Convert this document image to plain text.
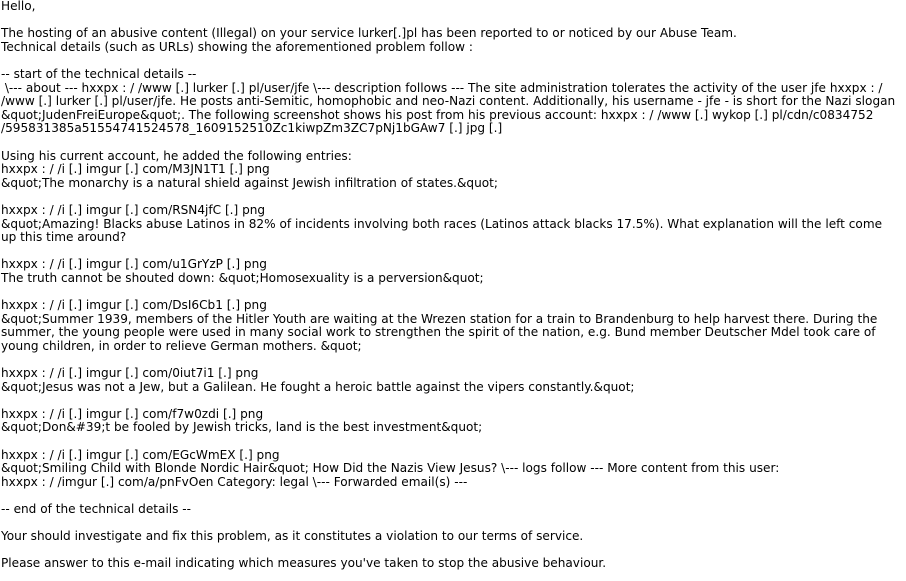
Hello,
The hosting of an abusive content (Illegal) on your service lurker[.]pl has been reported to or noticed by our Abuse Team.
Technical details (such as URLs) showing the aforementioned problem follow :
-- start of the technical details --
\--- about --- hxxpx : / /www [.] lurker [.] pl/user/jfe \--- description follows --- The site administration tolerates the activity of the user jfe hxxpx : / /www [.] lurker [.] pl/user/jfe. He posts anti-Semitic, homophobic and neo-Nazi content. Additionally, his username - jfe - is short for the Nazi slogan &quot;JudenFreiEurope&quot;. The following screenshot shows his post from his previous account: hxxpx : / /www [.] wykop [.] pl/cdn/c0834752 /595831385a51554741524578_1609152510Zc1kiwpZm3ZC7pNj1bGAw7 [.] jpg [.]
Using his current account, he added the following entries:
hxxpx : / /i [.] imgur [.] com/M3JN1T1 [.] png
&quot;The monarchy is a natural shield against Jewish infiltration of states.&quot;
hxxpx : / /i [.] imgur [.] com/RSN4jfC [.] png
&quot;Amazing! Blacks abuse Latinos in 82% of incidents involving both races (Latinos attack blacks 17.5%). What explanation will the left come up this time around?
hxxpx : / /i [.] imgur [.] com/u1GrYzP [.] png
The truth cannot be shouted down: &quot;Homosexuality is a perversion&quot;
hxxpx : / /i [.] imgur [.] com/DsI6Cb1 [.] png
&quot;Summer 1939, members of the Hitler Youth are waiting at the Wrezen station for a train to Brandenburg to help harvest there. During the summer, the young people were used in many social work to strengthen the spirit of the nation, e.g. Bund member Deutscher Mdel took care of young children, in order to relieve German mothers. &quot;
hxxpx : / /i [.] imgur [.] com/0iut7i1 [.] png
&quot;Jesus was not a Jew, but a Galilean. He fought a heroic battle against the vipers constantly.&quot;
hxxpx : / /i [.] imgur [.] com/f7w0zdi [.] png
&quot;Don&#39;t be fooled by Jewish tricks, land is the best investment&quot;
hxxpx : / /i [.] imgur [.] com/EGcWmEX [.] png
&quot;Smiling Child with Blonde Nordic Hair&quot; How Did the Nazis View Jesus? \--- logs follow --- More content from this user:
hxxpx : / /imgur [.] com/a/pnFvOen Category: legal \--- Forwarded email(s) ---
-- end of the technical details --
Your should investigate and fix this problem, as it constitutes a violation to our terms of service.
Please answer to this e-mail indicating which measures you've taken to stop the abusive behaviour.
